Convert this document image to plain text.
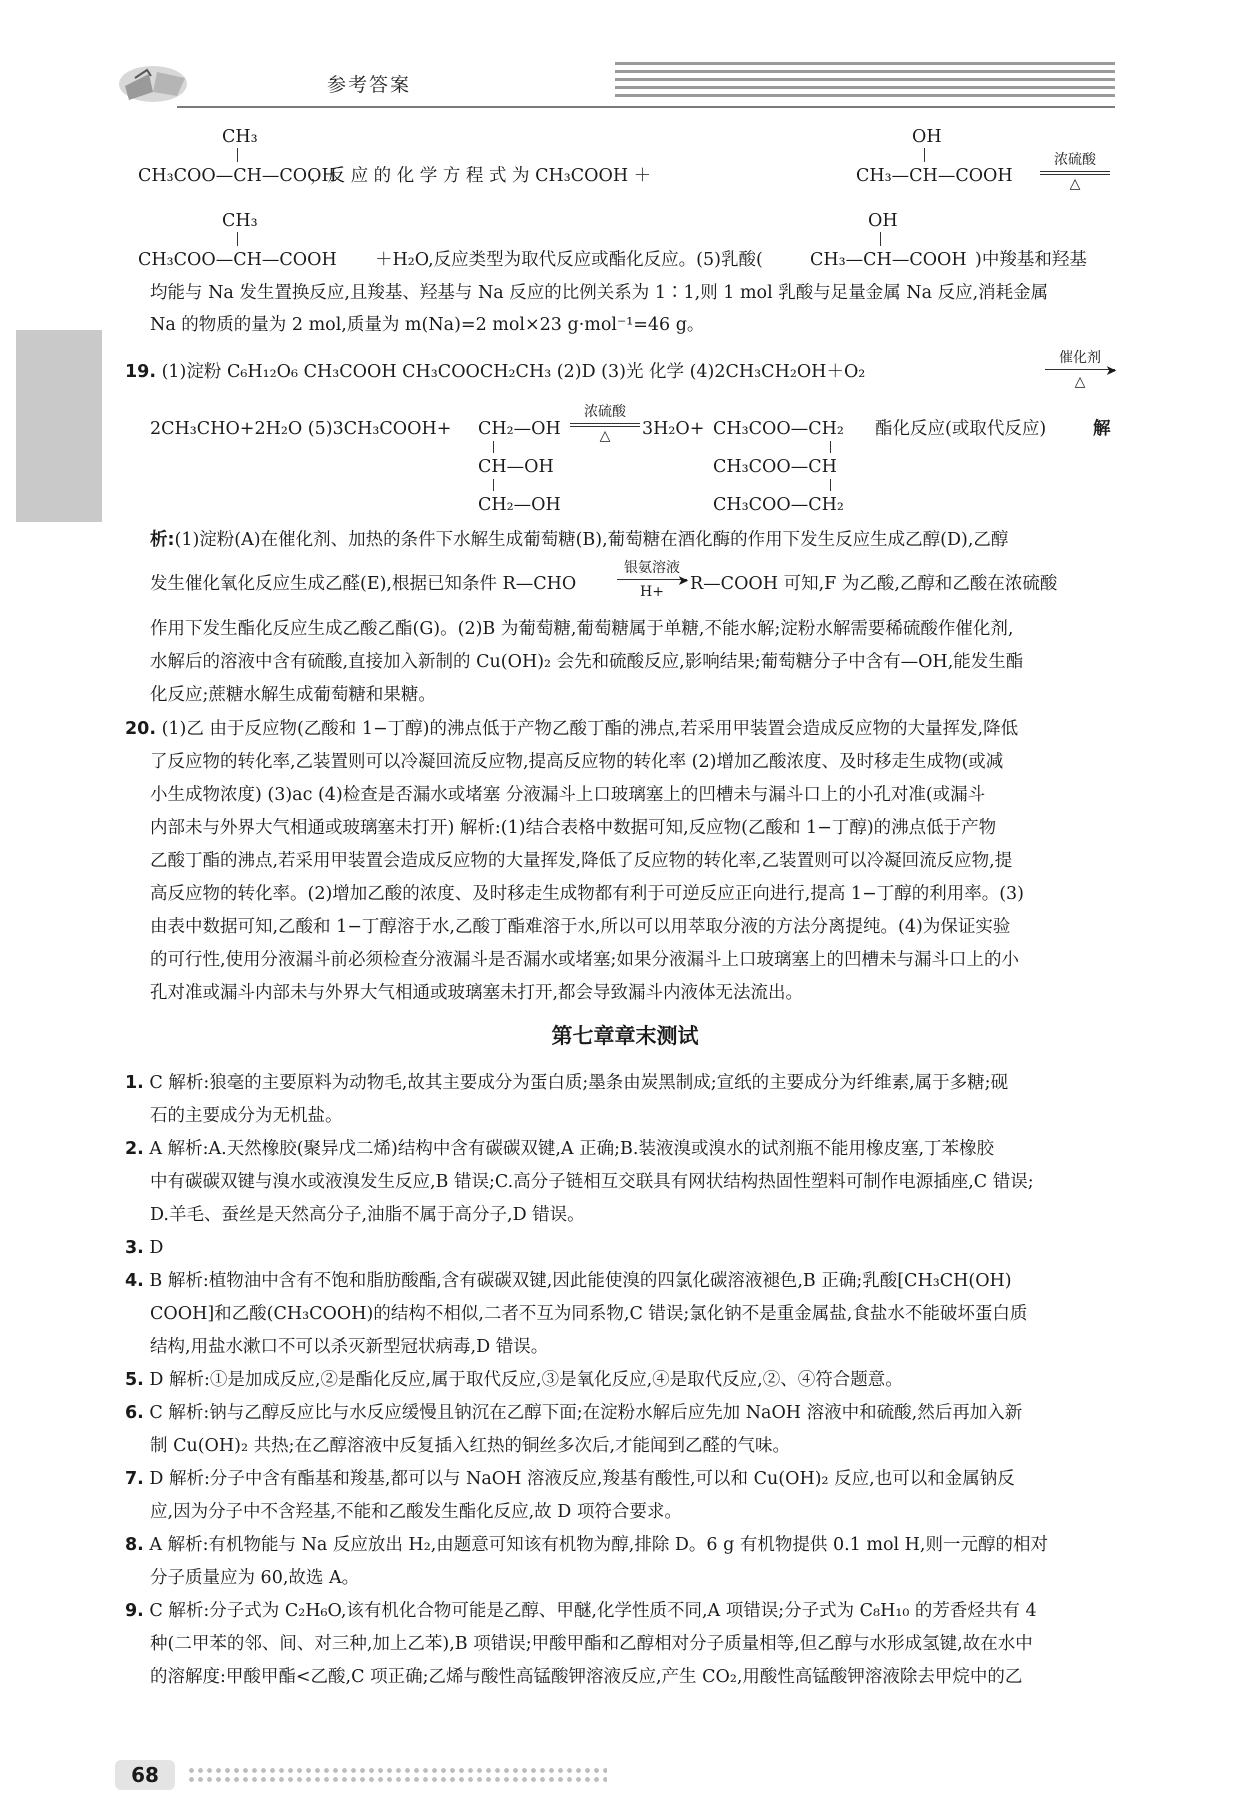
参考答案
CH₃
CH₃COO—CH—COOH
，反 应 的 化 学 方 程 式 为 CH₃COOH ＋
OH
CH₃—CH—COOH
浓硫酸
△
CH₃
CH₃COO—CH—COOH ＋H₂O,反应类型为取代反应或酯化反应。(5)乳酸(
OH
CH₃—CH—COOH )中羧基和羟基
均能与 Na 发生置换反应,且羧基、羟基与 Na 反应的比例关系为 1∶1,则 1 mol 乳酸与足量金属 Na 反应,消耗金属
Na 的物质的量为 2 mol,质量为 m(Na)=2 mol×23 g·mol⁻¹=46 g。
19. (1)淀粉 C₆H₁₂O₆ CH₃COOH CH₃COOCH₂CH₃ (2)D (3)光 化学 (4)2CH₃CH₂OH＋O₂
催化剂
➤
△
2CH₃CHO+2H₂O (5)3CH₃COOH+ CH₂—OH
CH—OH
CH₂—OH
浓硫酸
△	3H₂O+ CH₃COO—CH₂
CH₃COO—CH
CH₃COO—CH₂
酯化反应(或取代反应)	解
析:(1)淀粉(A)在催化剂、加热的条件下水解生成葡萄糖(B),葡萄糖在酒化酶的作用下发生反应生成乙醇(D),乙醇
发生催化氧化反应生成乙醛(E),根据已知条件 R—CHO
银氨溶液
➤
H+	R—COOH 可知,F 为乙酸,乙醇和乙酸在浓硫酸
作用下发生酯化反应生成乙酸乙酯(G)。(2)B 为葡萄糖,葡萄糖属于单糖,不能水解;淀粉水解需要稀硫酸作催化剂,
水解后的溶液中含有硫酸,直接加入新制的 Cu(OH)₂ 会先和硫酸反应,影响结果;葡萄糖分子中含有—OH,能发生酯
化反应;蔗糖水解生成葡萄糖和果糖。
20. (1)乙 由于反应物(乙酸和 1−丁醇)的沸点低于产物乙酸丁酯的沸点,若采用甲装置会造成反应物的大量挥发,降低
了反应物的转化率,乙装置则可以冷凝回流反应物,提高反应物的转化率 (2)增加乙酸浓度、及时移走生成物(或减
小生成物浓度) (3)ac (4)检查是否漏水或堵塞 分液漏斗上口玻璃塞上的凹槽未与漏斗口上的小孔对准(或漏斗
内部未与外界大气相通或玻璃塞未打开) 解析:(1)结合表格中数据可知,反应物(乙酸和 1−丁醇)的沸点低于产物
乙酸丁酯的沸点,若采用甲装置会造成反应物的大量挥发,降低了反应物的转化率,乙装置则可以冷凝回流反应物,提
高反应物的转化率。(2)增加乙酸的浓度、及时移走生成物都有利于可逆反应正向进行,提高 1−丁醇的利用率。(3)
由表中数据可知,乙酸和 1−丁醇溶于水,乙酸丁酯难溶于水,所以可以用萃取分液的方法分离提纯。(4)为保证实验
的可行性,使用分液漏斗前必须检查分液漏斗是否漏水或堵塞;如果分液漏斗上口玻璃塞上的凹槽未与漏斗口上的小
孔对准或漏斗内部未与外界大气相通或玻璃塞未打开,都会导致漏斗内液体无法流出。
第七章章末测试
1. C 解析:狼毫的主要原料为动物毛,故其主要成分为蛋白质;墨条由炭黑制成;宣纸的主要成分为纤维素,属于多糖;砚
石的主要成分为无机盐。
2. A 解析:A.天然橡胶(聚异戊二烯)结构中含有碳碳双键,A 正确;B.装液溴或溴水的试剂瓶不能用橡皮塞,丁苯橡胶
中有碳碳双键与溴水或液溴发生反应,B 错误;C.高分子链相互交联具有网状结构热固性塑料可制作电源插座,C 错误;
D.羊毛、蚕丝是天然高分子,油脂不属于高分子,D 错误。
3. D
4. B 解析:植物油中含有不饱和脂肪酸酯,含有碳碳双键,因此能使溴的四氯化碳溶液褪色,B 正确;乳酸[CH₃CH(OH)
COOH]和乙酸(CH₃COOH)的结构不相似,二者不互为同系物,C 错误;氯化钠不是重金属盐,食盐水不能破坏蛋白质
结构,用盐水漱口不可以杀灭新型冠状病毒,D 错误。
5. D 解析:①是加成反应,②是酯化反应,属于取代反应,③是氧化反应,④是取代反应,②、④符合题意。
6. C 解析:钠与乙醇反应比与水反应缓慢且钠沉在乙醇下面;在淀粉水解后应先加 NaOH 溶液中和硫酸,然后再加入新
制 Cu(OH)₂ 共热;在乙醇溶液中反复插入红热的铜丝多次后,才能闻到乙醛的气味。
7. D 解析:分子中含有酯基和羧基,都可以与 NaOH 溶液反应,羧基有酸性,可以和 Cu(OH)₂ 反应,也可以和金属钠反
应,因为分子中不含羟基,不能和乙酸发生酯化反应,故 D 项符合要求。
8. A 解析:有机物能与 Na 反应放出 H₂,由题意可知该有机物为醇,排除 D。6 g 有机物提供 0.1 mol H,则一元醇的相对
分子质量应为 60,故选 A。
9. C 解析:分子式为 C₂H₆O,该有机化合物可能是乙醇、甲醚,化学性质不同,A 项错误;分子式为 C₈H₁₀ 的芳香烃共有 4
种(二甲苯的邻、间、对三种,加上乙苯),B 项错误;甲酸甲酯和乙醇相对分子质量相等,但乙醇与水形成氢键,故在水中
的溶解度:甲酸甲酯<乙酸,C 项正确;乙烯与酸性高锰酸钾溶液反应,产生 CO₂,用酸性高锰酸钾溶液除去甲烷中的乙
68
